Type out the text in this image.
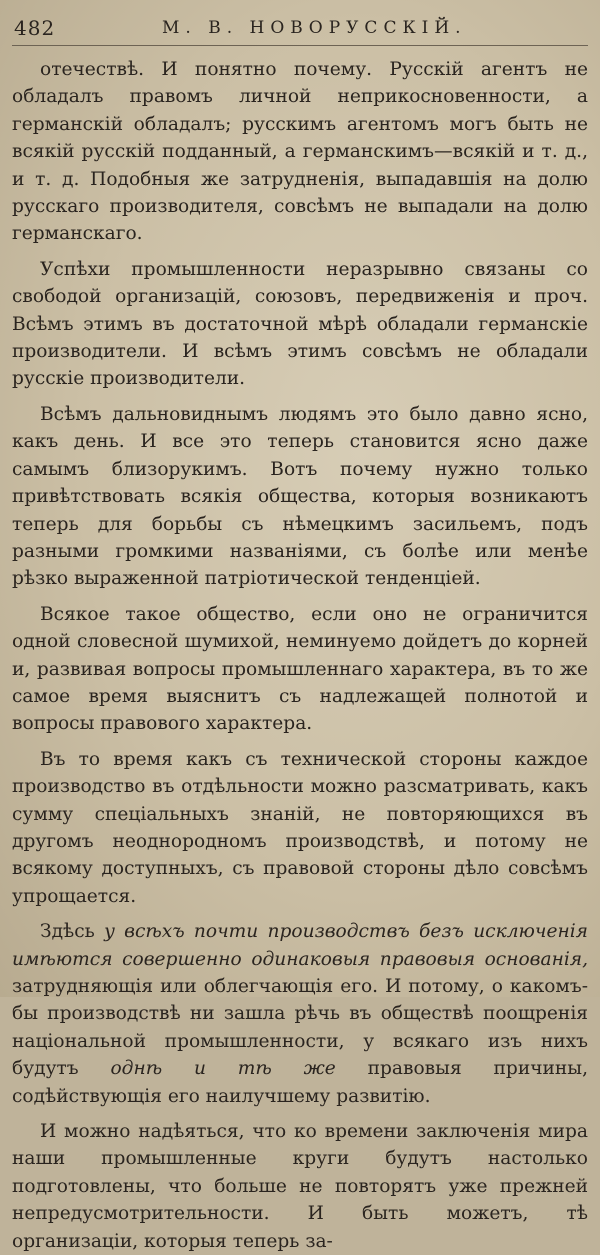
482	М. В. НОВОРУССКIЙ.

отечествѣ. И понятно почему. Русскiй агентъ не обладалъ правомъ личной неприкосновенности, а германскiй обладалъ; русскимъ агентомъ могъ быть не всякiй русскiй подданный, а германскимъ—всякiй и т. д., и т. д. Подобныя же затрудненiя, выпадавшiя на долю русскаго производителя, совсѣмъ не выпадали на долю германскаго.

Успѣхи промышленности неразрывно связаны со свободой организацiй, союзовъ, передвиженiя и проч. Всѣмъ этимъ въ достаточной мѣрѣ обладали германскiе производители. И всѣмъ этимъ совсѣмъ не обладали русскiе производители.

Всѣмъ дальновиднымъ людямъ это было давно ясно, какъ день. И все это теперь становится ясно даже самымъ близорукимъ. Вотъ почему нужно только привѣтствовать всякiя общества, которыя возникаютъ теперь для борьбы съ нѣмецкимъ засильемъ, подъ разными громкими названiями, съ болѣе или менѣе рѣзко выраженной патрiотической тенденцiей.

Всякое такое общество, если оно не ограничится одной словесной шумихой, неминуемо дойдетъ до корней и, развивая вопросы промышленнаго характера, въ то же самое время выяснитъ съ надлежащей полнотой и вопросы правового характера.

Въ то время какъ съ технической стороны каждое производство въ отдѣльности можно разсматривать, какъ сумму спецiальныхъ знанiй, не повторяющихся въ другомъ неоднородномъ производствѣ, и потому не всякому доступныхъ, съ правовой стороны дѣло совсѣмъ упрощается.

Здѣсь у всѣхъ почти производствъ безъ исключенiя имѣются совершенно одинаковыя правовыя основанiя, затрудняющiя или облегчающiя его. И потому, о какомъ-бы производствѣ ни зашла рѣчь въ обществѣ поощренiя нацiональной промышленности, у всякаго изъ нихъ будутъ однѣ и тѣ же правовыя причины, содѣйствующiя его наилучшему развитiю.

И можно надѣяться, что ко времени заключенiя мира наши промышленные круги будутъ настолько подготовлены, что больше не повторятъ уже прежней непредусмотрительности. И быть можетъ, тѣ организацiи, которыя теперь за-
